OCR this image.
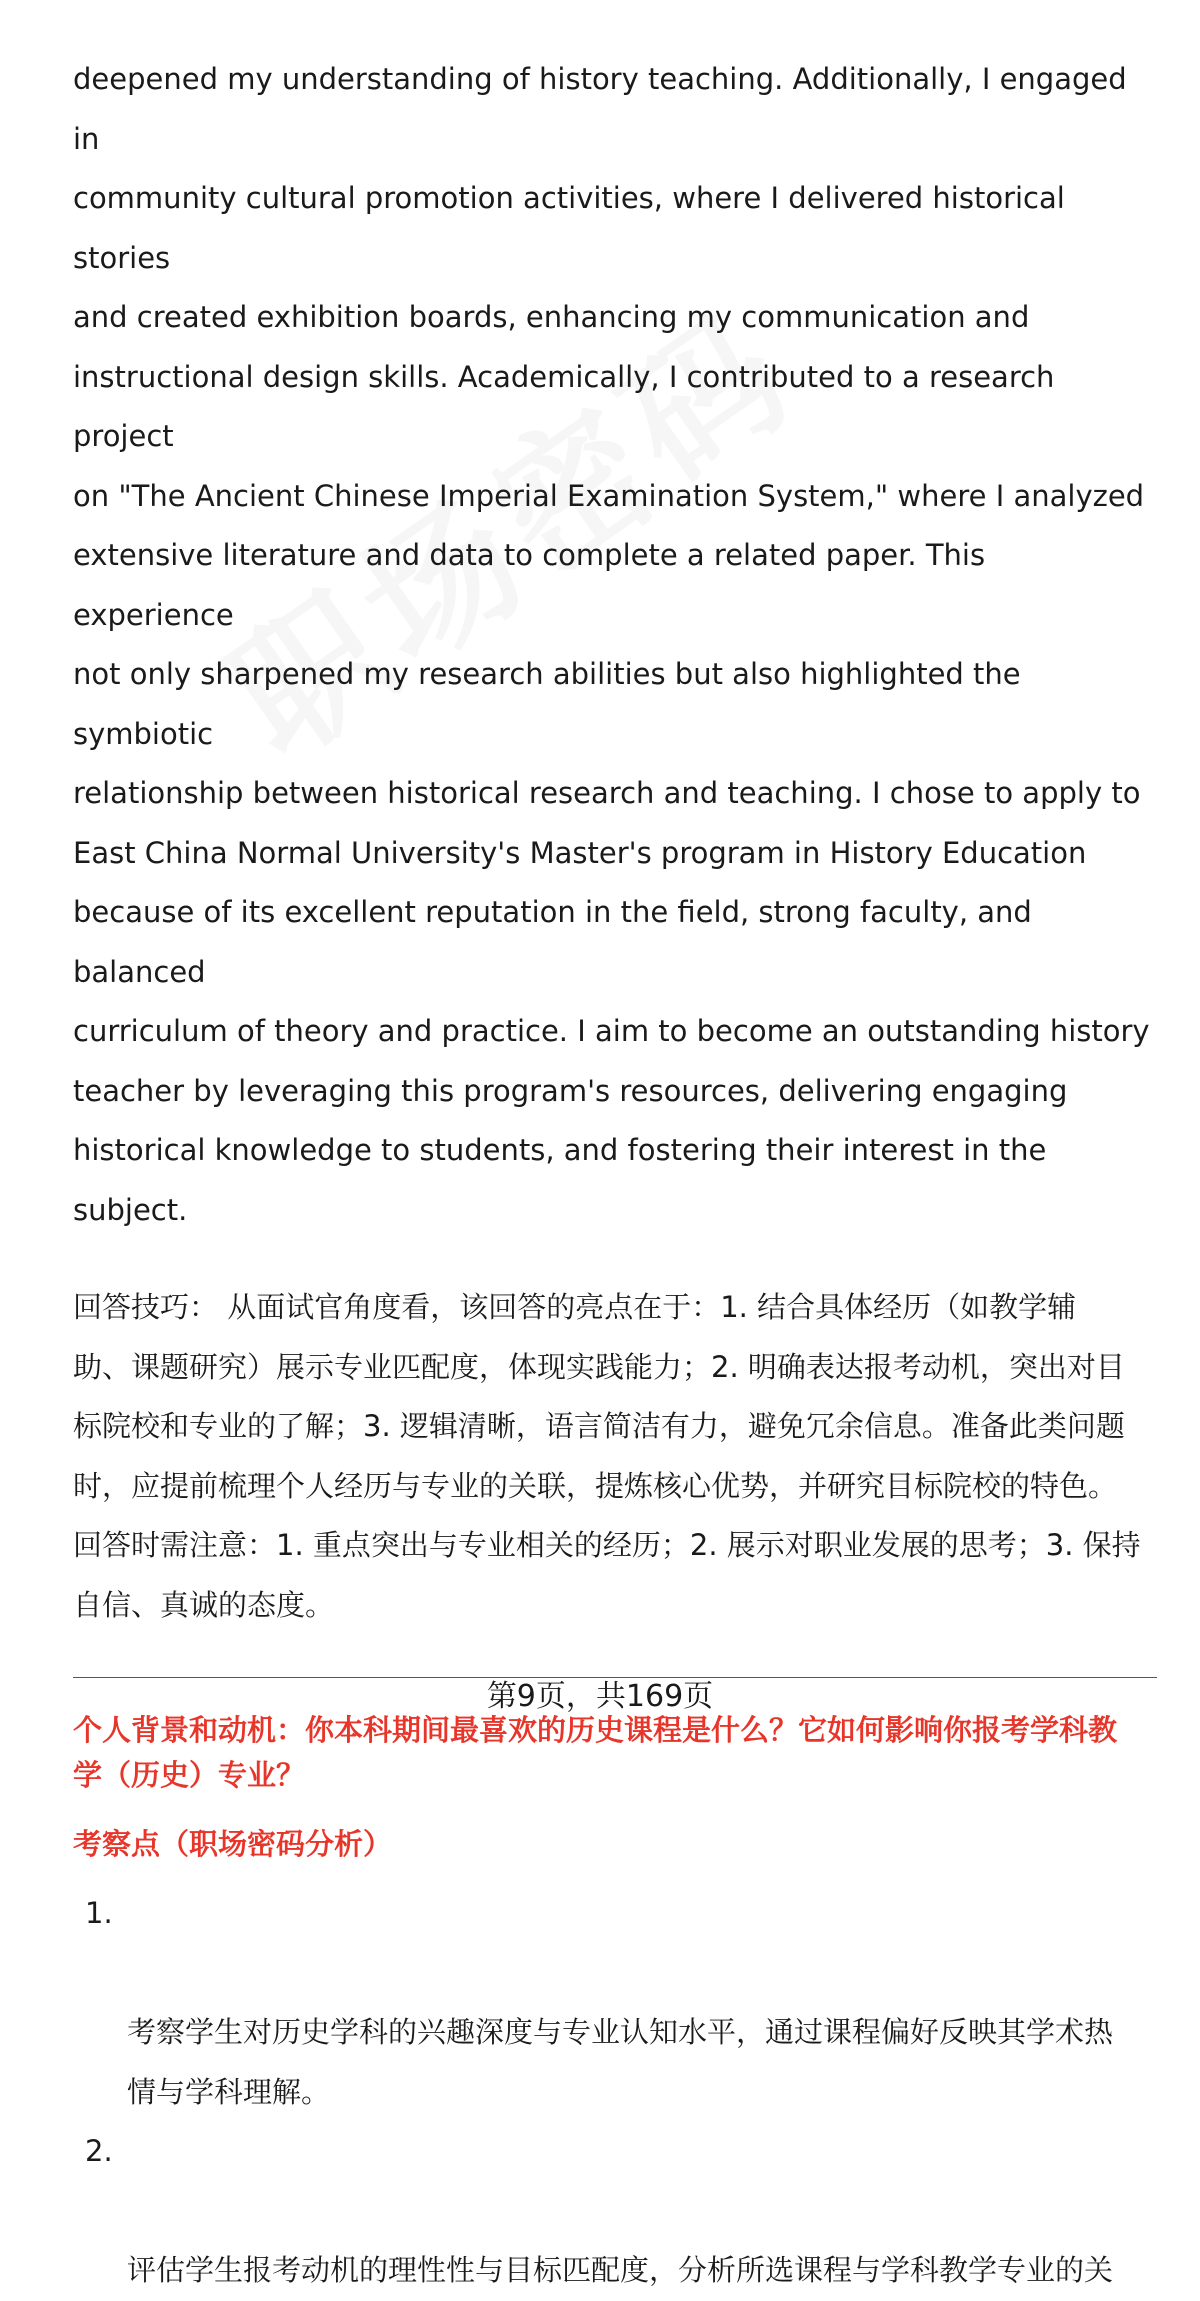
deepened my understanding of history teaching. Additionally, I engaged in
community cultural promotion activities, where I delivered historical stories
and created exhibition boards, enhancing my communication and
instructional design skills. Academically, I contributed to a research project
on "The Ancient Chinese Imperial Examination System," where I analyzed
extensive literature and data to complete a related paper. This experience
not only sharpened my research abilities but also highlighted the symbiotic
relationship between historical research and teaching. I chose to apply to
East China Normal University's Master's program in History Education
because of its excellent reputation in the field, strong faculty, and balanced
curriculum of theory and practice. I aim to become an outstanding history
teacher by leveraging this program's resources, delivering engaging
historical knowledge to students, and fostering their interest in the subject.

回答技巧： 从面试官角度看，该回答的亮点在于：1. 结合具体经历（如教学辅
助、课题研究）展示专业匹配度，体现实践能力；2. 明确表达报考动机，突出对目
标院校和专业的了解；3. 逻辑清晰，语言简洁有力，避免冗余信息。准备此类问题
时，应提前梳理个人经历与专业的关联，提炼核心优势，并研究目标院校的特色。
回答时需注意：1. 重点突出与专业相关的经历；2. 展示对职业发展的思考；3. 保持
自信、真诚的态度。

个人背景和动机：你本科期间最喜欢的历史课程是什么？它如何影响你报考学科教
学（历史）专业？
考察点（职场密码分析）

1.

考察学生对历史学科的兴趣深度与专业认知水平，通过课程偏好反映其学术热
情与学科理解。

2.

评估学生报考动机的理性性与目标匹配度，分析所选课程与学科教学专业的关

第9页，共169页
